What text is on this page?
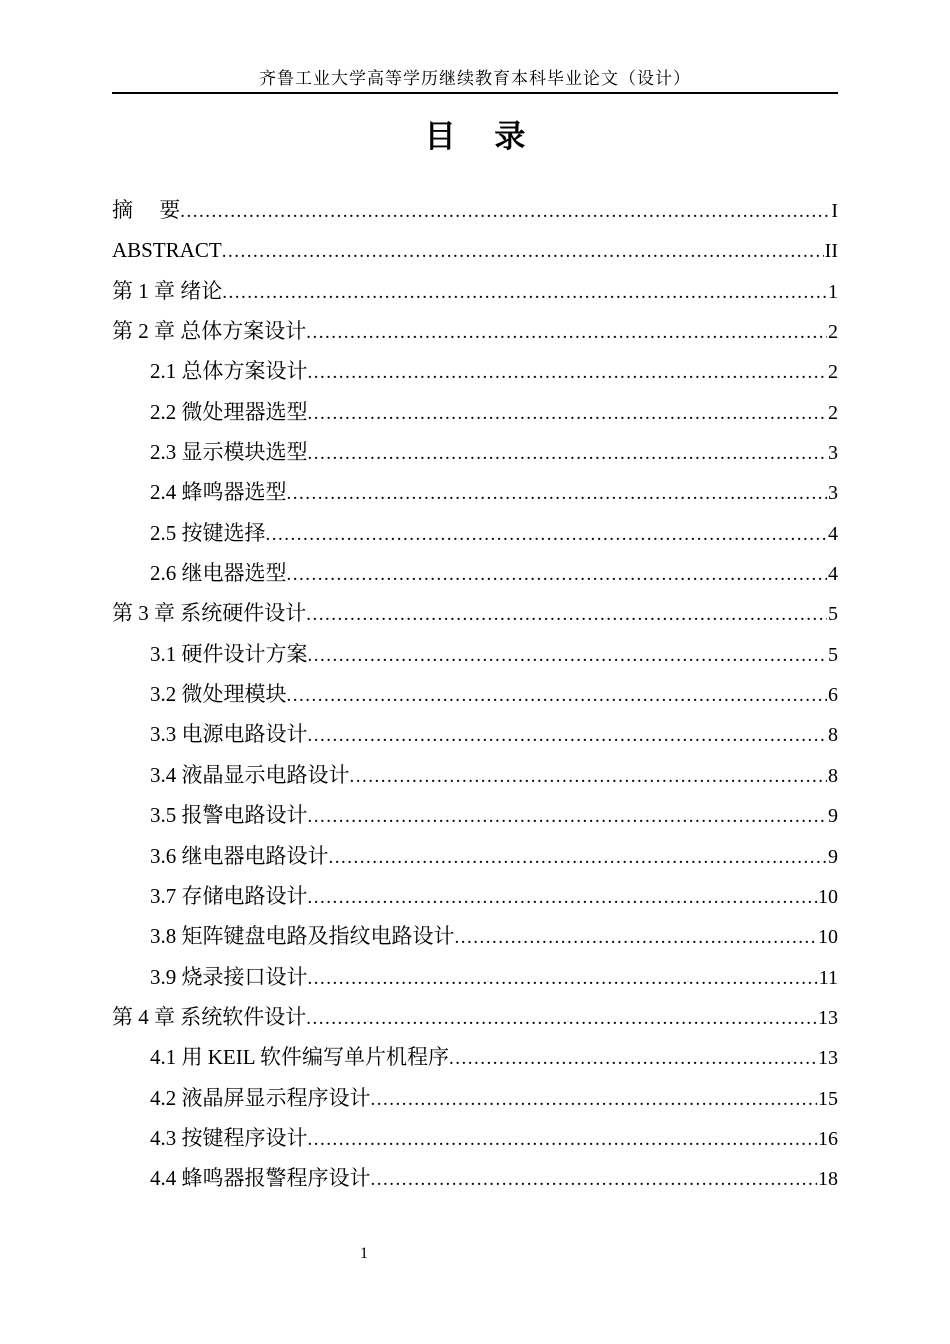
齐鲁工业大学高等学历继续教育本科毕业论文（设计）
目　 录
摘　 要 .....	I
ABSTRACT .....	II
第 1 章 绪论 .....	1
第 2 章 总体方案设计 .....	2
2.1 总体方案设计 .....	2
2.2 微处理器选型 .....	2
2.3 显示模块选型 .....	3
2.4 蜂鸣器选型 .....	3
2.5 按键选择 .....	4
2.6 继电器选型 .....	4
第 3 章 系统硬件设计 .....	5
3.1 硬件设计方案 .....	5
3.2 微处理模块 .....	6
3.3 电源电路设计 .....	8
3.4 液晶显示电路设计 .....	8
3.5 报警电路设计 .....	9
3.6 继电器电路设计 .....	9
3.7 存储电路设计 .....	10
3.8 矩阵键盘电路及指纹电路设计 .....	10
3.9 烧录接口设计 .....	11
第 4 章 系统软件设计 .....	13
4.1 用 KEIL 软件编写单片机程序 .....	13
4.2 液晶屏显示程序设计 .....	15
4.3 按键程序设计 .....	16
4.4 蜂鸣器报警程序设计 .....	18
1
